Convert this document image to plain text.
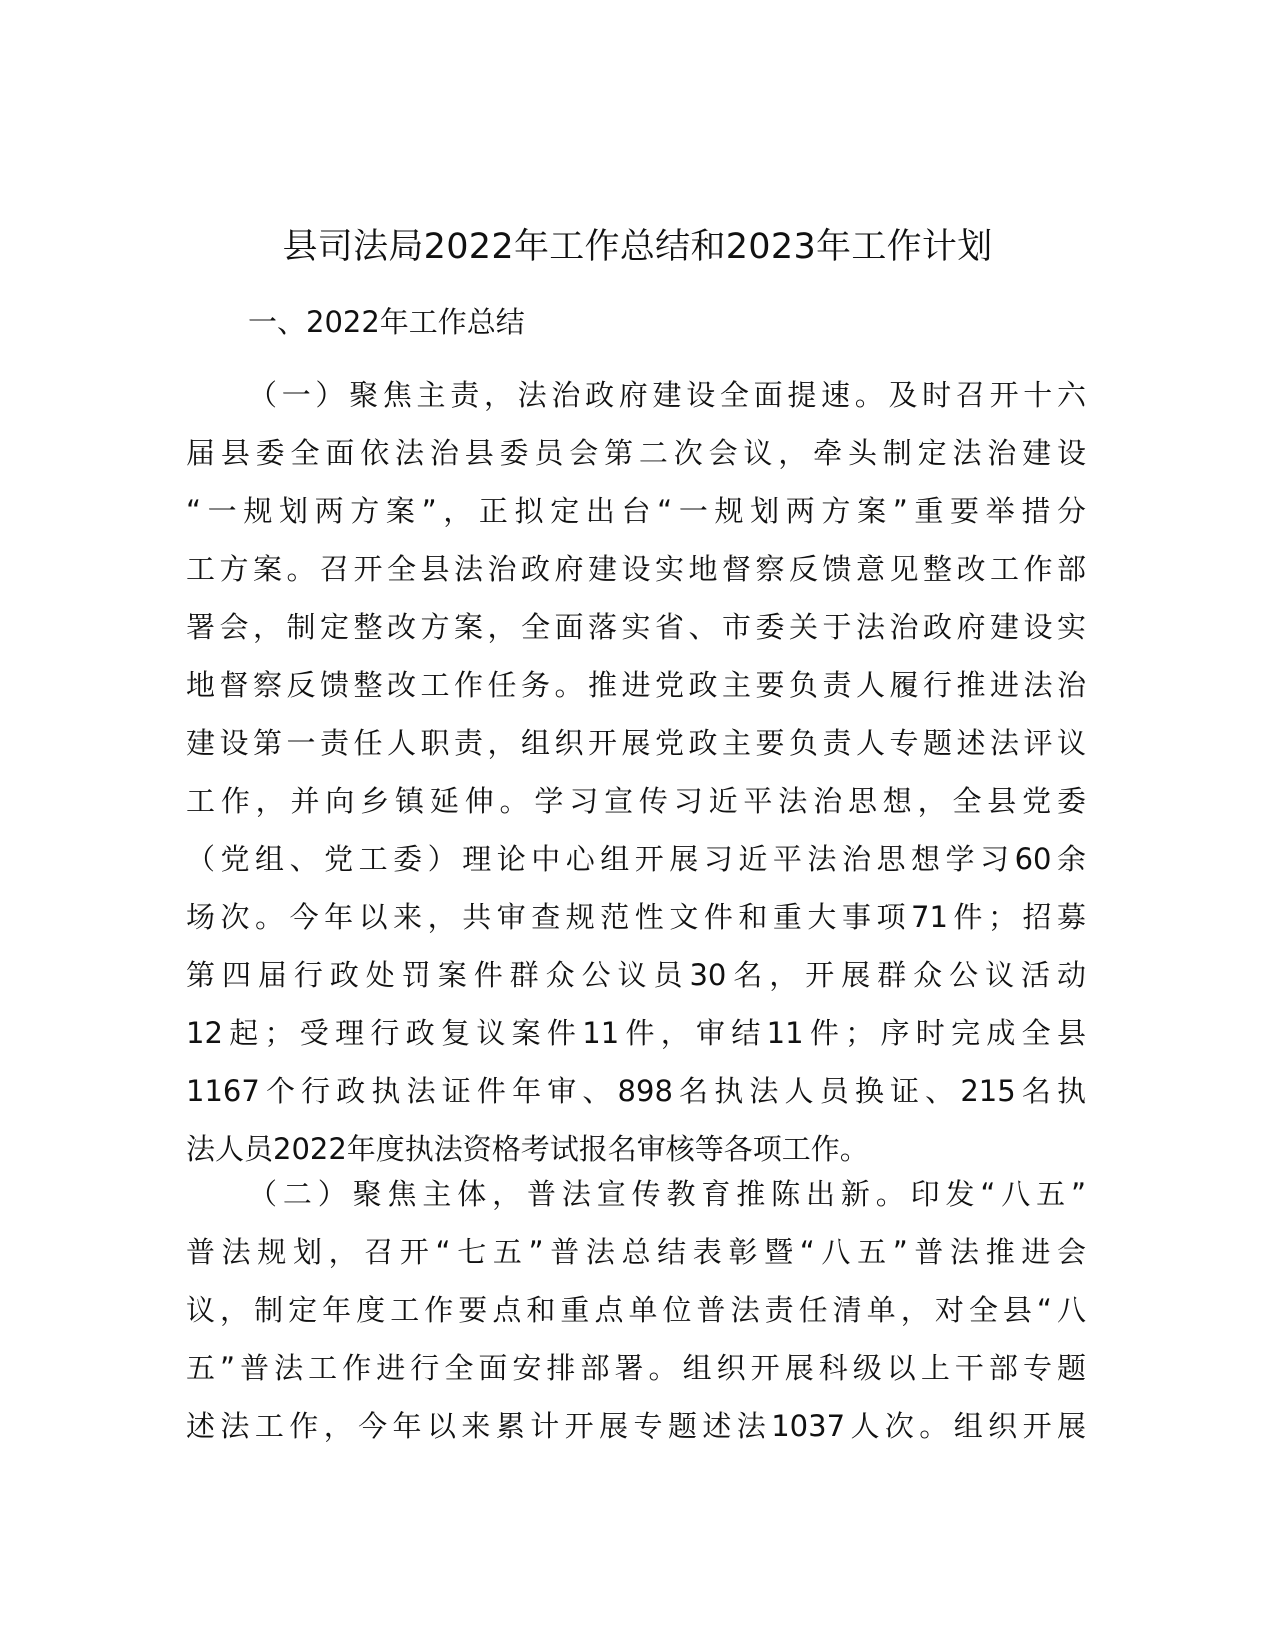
县司法局2022年工作总结和2023年工作计划
一、2022年工作总结
（一）聚焦主责，法治政府建设全面提速。及时召开十六
届县委全面依法治县委员会第二次会议，牵头制定法治建设
“一规划两方案”，正拟定出台“一规划两方案”重要举措分
工方案。召开全县法治政府建设实地督察反馈意见整改工作部
署会，制定整改方案，全面落实省、市委关于法治政府建设实
地督察反馈整改工作任务。推进党政主要负责人履行推进法治
建设第一责任人职责，组织开展党政主要负责人专题述法评议
工作，并向乡镇延伸。学习宣传习近平法治思想，全县党委
（党组、党工委）理论中心组开展习近平法治思想学习60余
场次。今年以来，共审查规范性文件和重大事项71件；招募
第四届行政处罚案件群众公议员30名，开展群众公议活动
12起；受理行政复议案件11件，审结11件；序时完成全县
1167个行政执法证件年审、898名执法人员换证、215名执
法人员2022年度执法资格考试报名审核等各项工作。
（二）聚焦主体，普法宣传教育推陈出新。印发“八五”
普法规划，召开“七五”普法总结表彰暨“八五”普法推进会
议，制定年度工作要点和重点单位普法责任清单，对全县“八
五”普法工作进行全面安排部署。组织开展科级以上干部专题
述法工作，今年以来累计开展专题述法1037人次。组织开展
